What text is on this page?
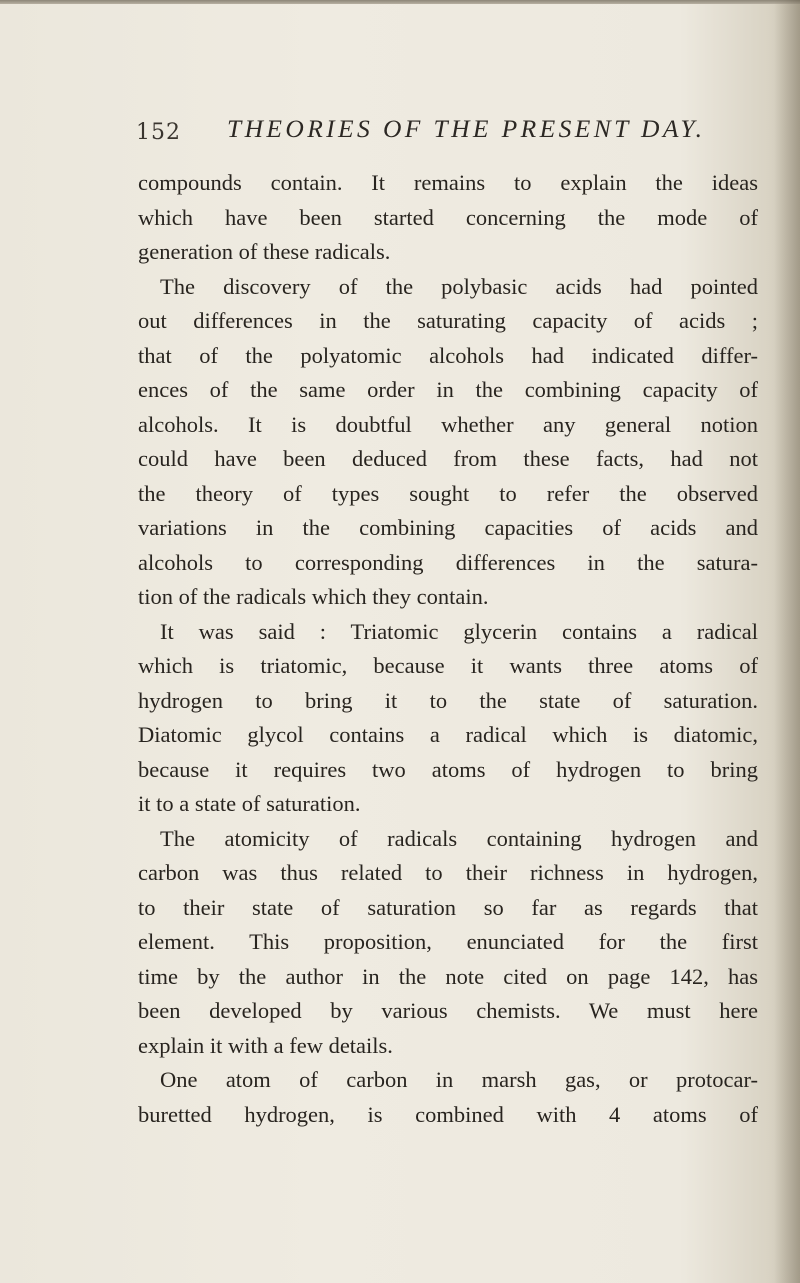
152 THEORIES OF THE PRESENT DAY.
compounds contain. It remains to explain the ideas
which have been started concerning the mode of
generation of these radicals.
The discovery of the polybasic acids had pointed
out differences in the saturating capacity of acids ;
that of the polyatomic alcohols had indicated differ-
ences of the same order in the combining capacity of
alcohols. It is doubtful whether any general notion
could have been deduced from these facts, had not
the theory of types sought to refer the observed
variations in the combining capacities of acids and
alcohols to corresponding differences in the satura-
tion of the radicals which they contain.
It was said : Triatomic glycerin contains a radical
which is triatomic, because it wants three atoms of
hydrogen to bring it to the state of saturation.
Diatomic glycol contains a radical which is diatomic,
because it requires two atoms of hydrogen to bring
it to a state of saturation.
The atomicity of radicals containing hydrogen and
carbon was thus related to their richness in hydrogen,
to their state of saturation so far as regards that
element. This proposition, enunciated for the first
time by the author in the note cited on page 142, has
been developed by various chemists. We must here
explain it with a few details.
One atom of carbon in marsh gas, or protocar-
buretted hydrogen, is combined with 4 atoms of
